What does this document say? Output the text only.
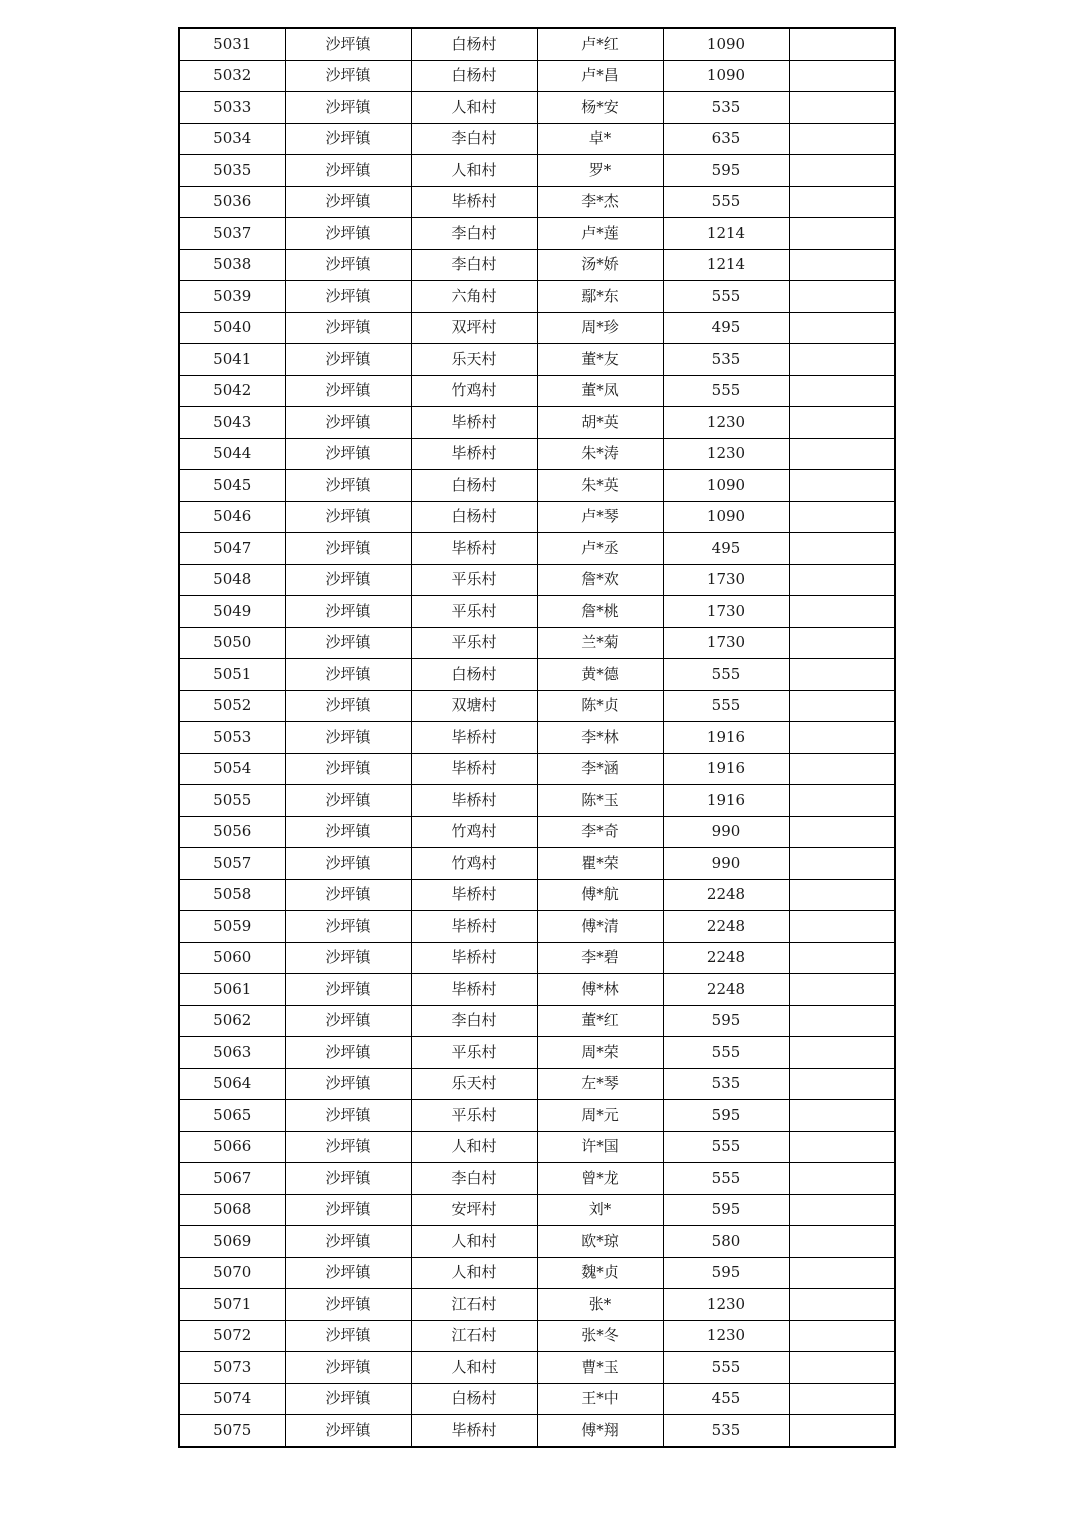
5031	沙坪镇	白杨村	卢*红	1090	
5032	沙坪镇	白杨村	卢*昌	1090	
5033	沙坪镇	人和村	杨*安	535	
5034	沙坪镇	李白村	卓*	635	
5035	沙坪镇	人和村	罗*	595	
5036	沙坪镇	毕桥村	李*杰	555	
5037	沙坪镇	李白村	卢*莲	1214	
5038	沙坪镇	李白村	汤*娇	1214	
5039	沙坪镇	六角村	鄢*东	555	
5040	沙坪镇	双坪村	周*珍	495	
5041	沙坪镇	乐天村	董*友	535	
5042	沙坪镇	竹鸡村	董*凤	555	
5043	沙坪镇	毕桥村	胡*英	1230	
5044	沙坪镇	毕桥村	朱*涛	1230	
5045	沙坪镇	白杨村	朱*英	1090	
5046	沙坪镇	白杨村	卢*琴	1090	
5047	沙坪镇	毕桥村	卢*丞	495	
5048	沙坪镇	平乐村	詹*欢	1730	
5049	沙坪镇	平乐村	詹*桃	1730	
5050	沙坪镇	平乐村	兰*菊	1730	
5051	沙坪镇	白杨村	黄*德	555	
5052	沙坪镇	双塘村	陈*贞	555	
5053	沙坪镇	毕桥村	李*林	1916	
5054	沙坪镇	毕桥村	李*涵	1916	
5055	沙坪镇	毕桥村	陈*玉	1916	
5056	沙坪镇	竹鸡村	李*奇	990	
5057	沙坪镇	竹鸡村	瞿*荣	990	
5058	沙坪镇	毕桥村	傅*航	2248	
5059	沙坪镇	毕桥村	傅*清	2248	
5060	沙坪镇	毕桥村	李*碧	2248	
5061	沙坪镇	毕桥村	傅*林	2248	
5062	沙坪镇	李白村	董*红	595	
5063	沙坪镇	平乐村	周*荣	555	
5064	沙坪镇	乐天村	左*琴	535	
5065	沙坪镇	平乐村	周*元	595	
5066	沙坪镇	人和村	许*国	555	
5067	沙坪镇	李白村	曾*龙	555	
5068	沙坪镇	安坪村	刘*	595	
5069	沙坪镇	人和村	欧*琼	580	
5070	沙坪镇	人和村	魏*贞	595	
5071	沙坪镇	江石村	张*	1230	
5072	沙坪镇	江石村	张*冬	1230	
5073	沙坪镇	人和村	曹*玉	555	
5074	沙坪镇	白杨村	王*中	455	
5075	沙坪镇	毕桥村	傅*翔	535	
